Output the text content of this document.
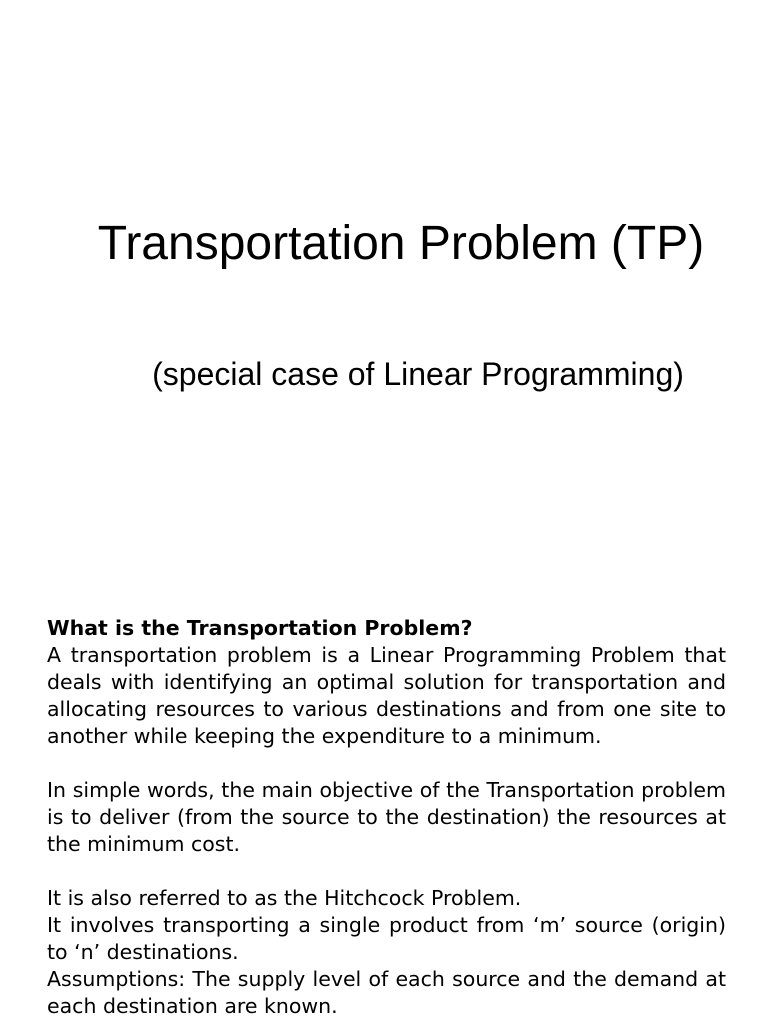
Transportation Problem (TP)
(special case of Linear Programming)

What is the Transportation Problem?

A transportation problem is a Linear Programming Problem that deals with identifying an optimal solution for transportation and allocating resources to various destinations and from one site to another while keeping the expenditure to a minimum.

In simple words, the main objective of the Transportation problem is to deliver (from the source to the destination) the resources at the minimum cost.

It is also referred to as the Hitchcock Problem.

It involves transporting a single product from ‘m’ source (origin) to ‘n’ destinations.

Assumptions: The supply level of each source and the demand at each destination are known.
